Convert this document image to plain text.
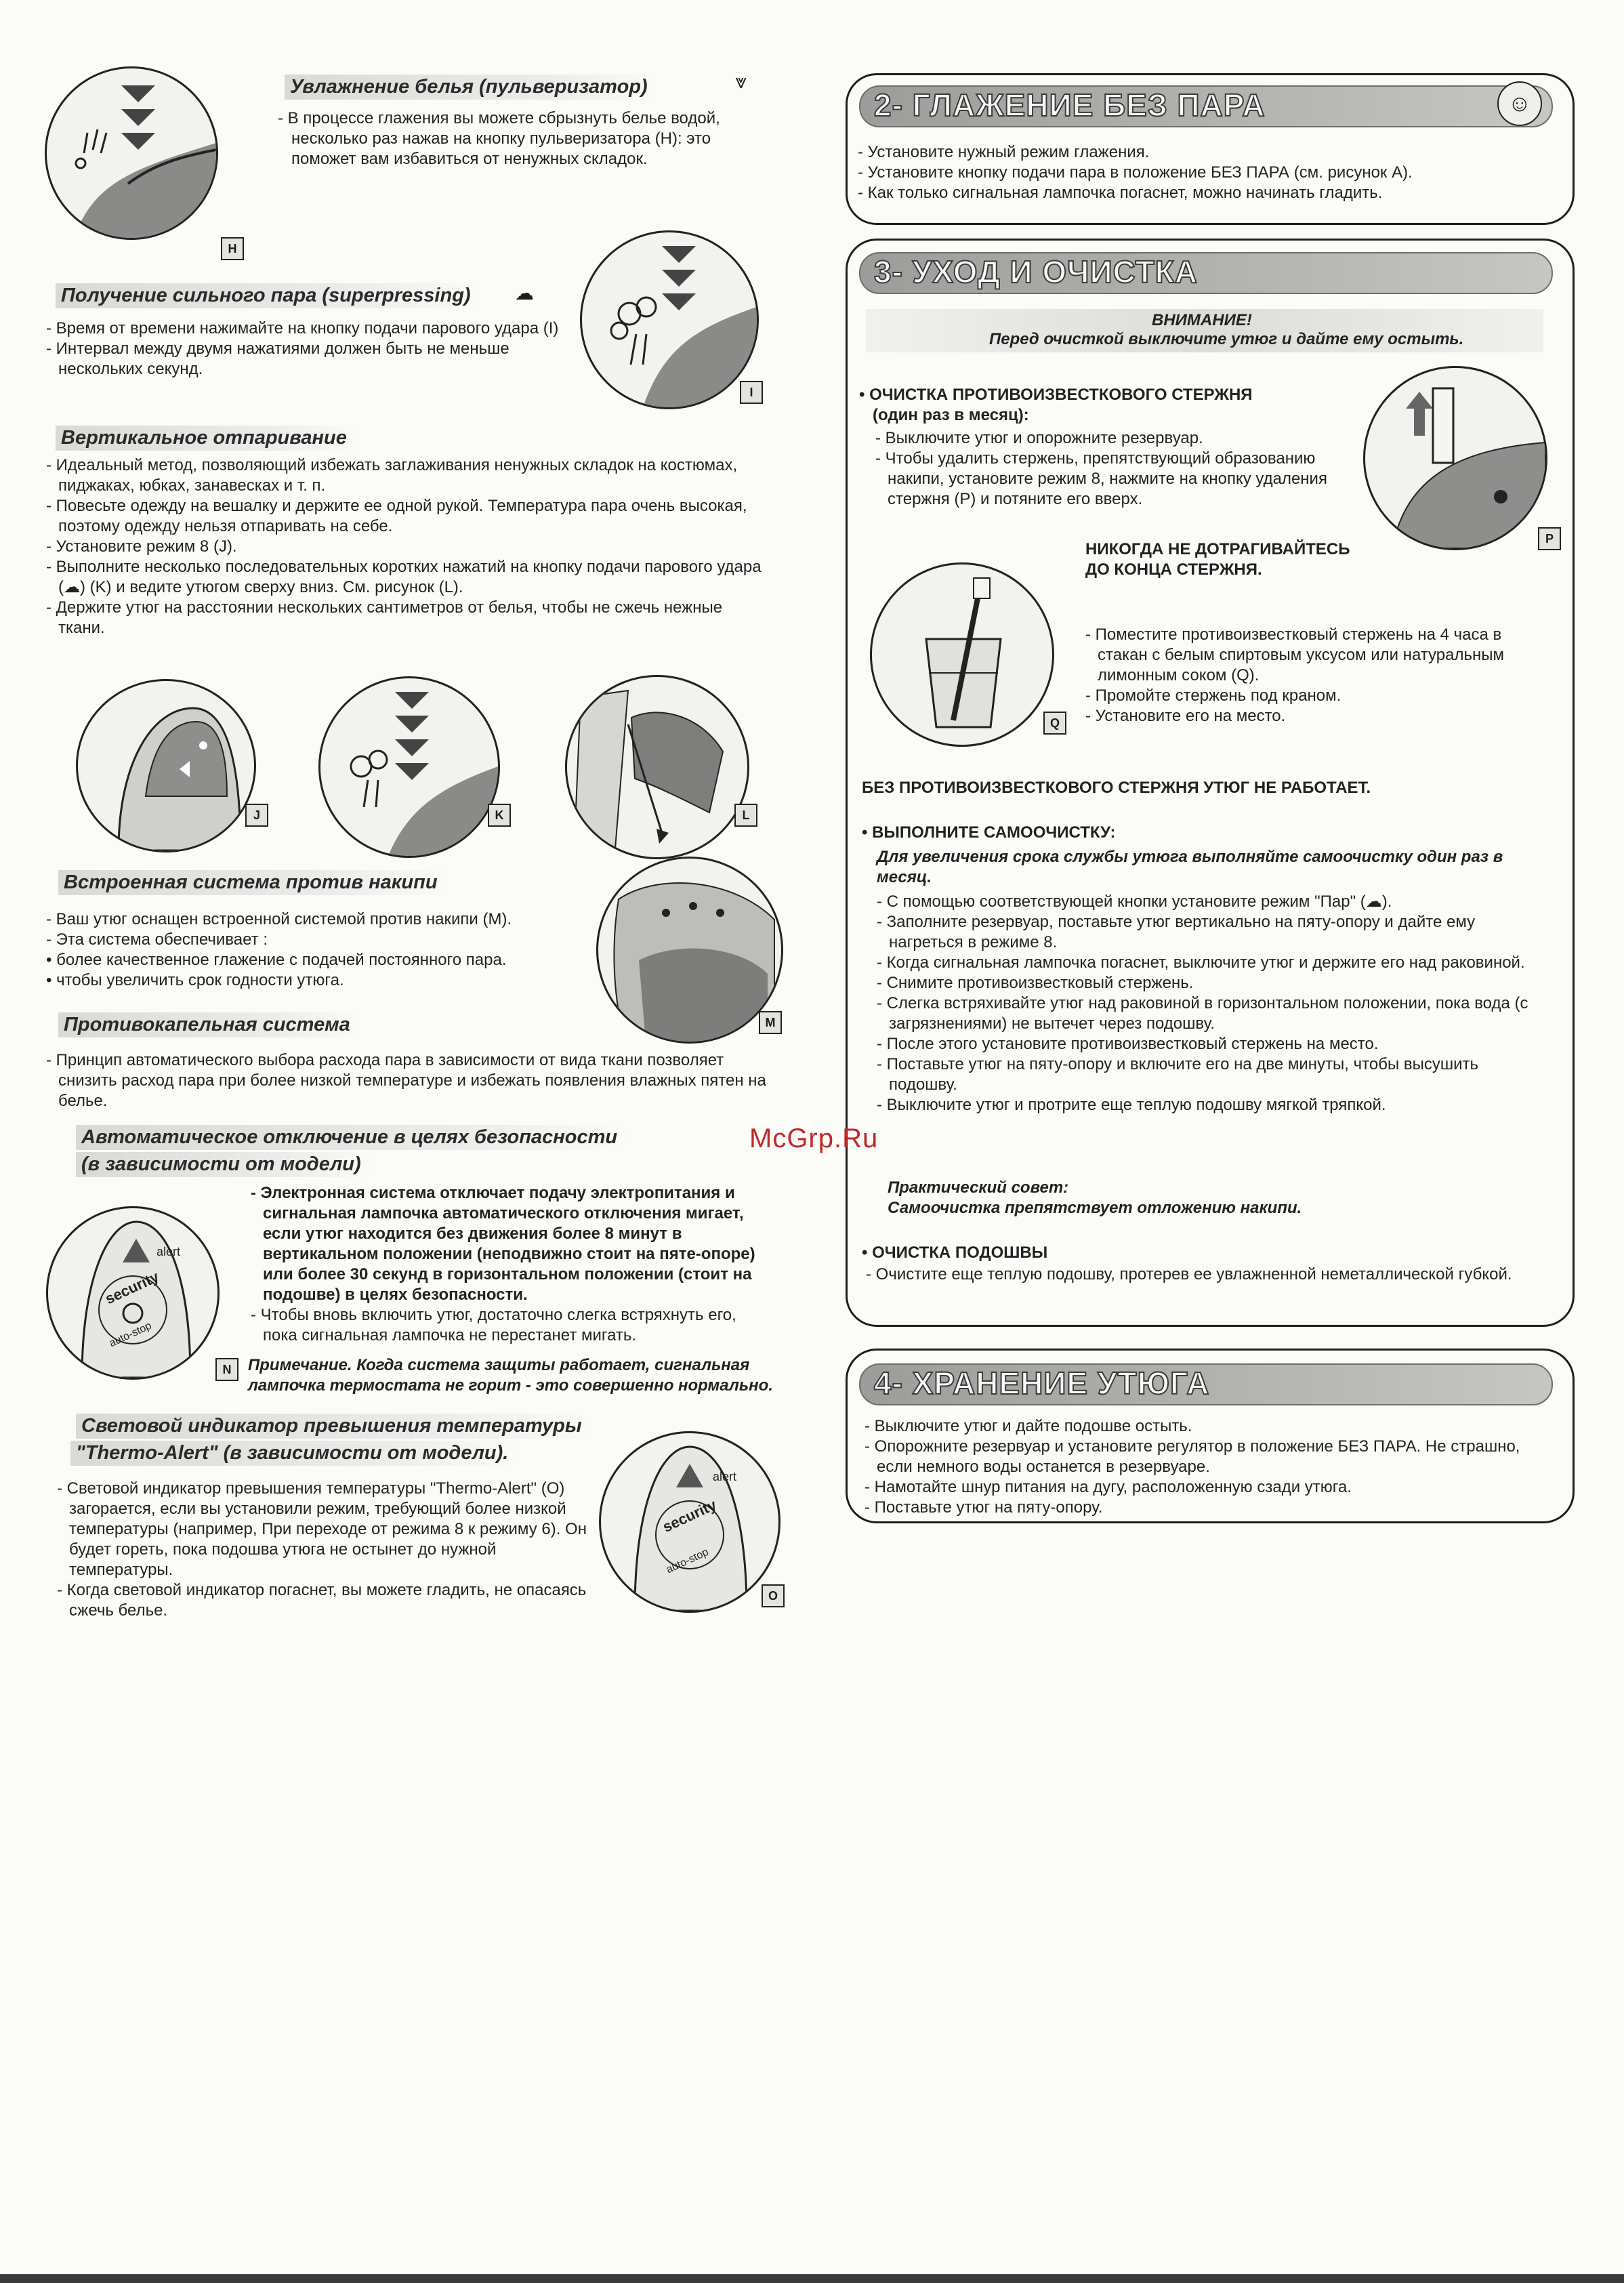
H
Увлажнение белья (пульверизатор)	⩔

- В процессе глажения вы можете сбрызнуть белье водой,

несколько раз нажав на кнопку пульверизатора (H): это

поможет вам избавиться от ненужных складок.

Получение сильного пара (superpressing)	☁

- Время от времени нажимайте на кнопку подачи парового удара (I)

- Интервал между двумя нажатиями должен быть не меньше нескольких секунд.

I
Вертикальное отпаривание

- Идеальный метод, позволяющий избежать заглаживания ненужных складок на костюмах, пиджаках, юбках, занавесках и т. п.

- Повесьте одежду на вешалку и держите ее одной рукой. Температура пара очень высокая, поэтому одежду нельзя отпаривать на себе.

- Установите режим 8 (J).

- Выполните несколько последовательных коротких нажатий на кнопку подачи парового удара (☁) (K) и ведите утюгом сверху вниз. См. рисунок (L).

- Держите утюг на расстоянии нескольких сантиметров от белья, чтобы не сжечь нежные ткани.

J	K	L
Встроенная система против накипи

- Ваш утюг оснащен встроенной системой против накипи (M).

- Эта система обеспечивает :

• более качественное глажение с подачей постоянного пара.

• чтобы увеличить срок годности утюга.

M
Противокапельная система

- Принцип автоматического выбора расхода пара в зависимости от вида ткани позволяет снизить расход пара при более низкой температуре и избежать появления влажных пятен на белье.

Автоматическое отключение в целях безопасности
(в зависимости от модели)
alert
security
auto-stop
N

- Электронная система отключает подачу электропитания и сигнальная лампочка автоматического отключения мигает, если утюг находится без движения более 8 минут в вертикальном положении (неподвижно стоит на пяте-опоре) или более 30 секунд в горизонтальном положении (стоит на подошве) в целях безопасности.

- Чтобы вновь включить утюг, достаточно слегка встряхнуть его, пока сигнальная лампочка не перестанет мигать.

Примечание. Когда система защиты работает, сигнальная лампочка термостата не горит - это совершенно нормально.
Световой индикатор превышения температуры
"Thermo-Alert" (в зависимости от модели).

- Световой индикатор превышения температуры "Thermo-Alert" (O) загорается, если вы установили режим, требующий более низкой температуры (например, При переходе от режима 8 к режиму 6). Он будет гореть, пока подошва утюга не остынет до нужной температуры.

- Когда световой индикатор погаснет, вы можете гладить, не опасаясь сжечь белье.

alert
security
auto-stop
O
2- ГЛАЖЕНИЕ БЕЗ ПАРА	☺

- Установите нужный режим глажения.

- Установите кнопку подачи пара в положение БЕЗ ПАРА (см. рисунок А).

- Как только сигнальная лампочка погаснет, можно начинать гладить.

3- УХОД И ОЧИСТКА
ВНИМАНИЕ!
Перед очисткой выключите утюг и дайте ему остыть.

• ОЧИСТКА ПРОТИВОИЗВЕСТКОВОГО СТЕРЖНЯ

(один раз в месяц):

- Выключите утюг и опорожните резервуар.

- Чтобы удалить стержень, препятствующий образованию накипи, установите режим 8, нажмите на кнопку удаления стержня (P) и потяните его вверх.

P

НИКОГДА НЕ ДОТРАГИВАЙТЕСЬ

ДО КОНЦА СТЕРЖНЯ.

Q

- Поместите противоизвестковый стержень на 4 часа в стакан с белым спиртовым уксусом или натуральным лимонным соком (Q).

- Промойте стержень под краном.

- Установите его на место.

БЕЗ ПРОТИВОИЗВЕСТКОВОГО СТЕРЖНЯ УТЮГ НЕ РАБОТАЕТ.
• ВЫПОЛНИТЕ САМООЧИСТКУ:
Для увеличения срока службы утюга выполняйте самоочистку один раз в месяц.

- С помощью соответствующей кнопки установите режим "Пар" (☁).

- Заполните резервуар, поставьте утюг вертикально на пяту-опору и дайте ему нагреться в режиме 8.

- Когда сигнальная лампочка погаснет, выключите утюг и держите его над раковиной.

- Снимите противоизвестковый стержень.

- Слегка встряхивайте утюг над раковиной в горизонтальном положении, пока вода (с загрязнениями) не вытечет через подошву.

- После этого установите противоизвестковый стержень на место.

- Поставьте утюг на пяту-опору и включите его на две минуты, чтобы высушить подошву.

- Выключите утюг и протрите еще теплую подошву мягкой тряпкой.

Практический совет:

Самоочистка препятствует отложению накипи.

• ОЧИСТКА ПОДОШВЫ

- Очистите еще теплую подошву, протерев ее увлажненной неметаллической губкой.

4- ХРАНЕНИЕ УТЮГА

- Выключите утюг и дайте подошве остыть.

- Опорожните резервуар и установите регулятор в положение БЕЗ ПАРА. Не страшно, если немного воды останется в резервуаре.

- Намотайте шнур питания на дугу, расположенную сзади утюга.

- Поставьте утюг на пяту-опору.

McGrp.Ru
